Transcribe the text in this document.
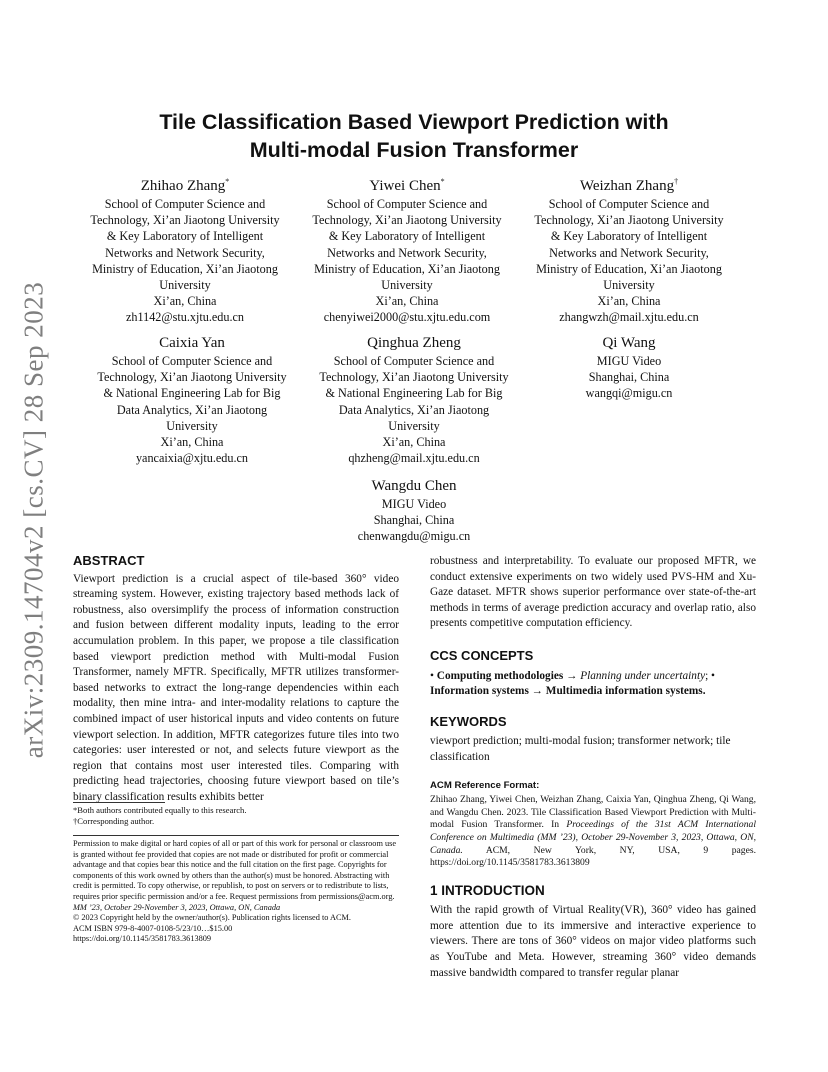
arXiv:2309.14704v2 [cs.CV] 28 Sep 2023
Tile Classification Based Viewport Prediction with
Multi-modal Fusion Transformer
Zhihao Zhang*
School of Computer Science and
Technology, Xi’an Jiaotong University
& Key Laboratory of Intelligent
Networks and Network Security,
Ministry of Education, Xi’an Jiaotong
University
Xi’an, China
zh1142@stu.xjtu.edu.cn
Yiwei Chen*
School of Computer Science and
Technology, Xi’an Jiaotong University
& Key Laboratory of Intelligent
Networks and Network Security,
Ministry of Education, Xi’an Jiaotong
University
Xi’an, China
chenyiwei2000@stu.xjtu.edu.com
Weizhan Zhang†
School of Computer Science and
Technology, Xi’an Jiaotong University
& Key Laboratory of Intelligent
Networks and Network Security,
Ministry of Education, Xi’an Jiaotong
University
Xi’an, China
zhangwzh@mail.xjtu.edu.cn
Caixia Yan
School of Computer Science and
Technology, Xi’an Jiaotong University
& National Engineering Lab for Big
Data Analytics, Xi’an Jiaotong
University
Xi’an, China
yancaixia@xjtu.edu.cn
Qinghua Zheng
School of Computer Science and
Technology, Xi’an Jiaotong University
& National Engineering Lab for Big
Data Analytics, Xi’an Jiaotong
University
Xi’an, China
qhzheng@mail.xjtu.edu.cn
Qi Wang
MIGU Video
Shanghai, China
wangqi@migu.cn
Wangdu Chen
MIGU Video
Shanghai, China
chenwangdu@migu.cn

ABSTRACT

Viewport prediction is a crucial aspect of tile-based 360° video streaming system. However, existing trajectory based methods lack of robustness, also oversimplify the process of information construction and fusion between different modality inputs, leading to the error accumulation problem. In this paper, we propose a tile classification based viewport prediction method with Multi-modal Fusion Transformer, namely MFTR. Specifically, MFTR utilizes transformer-based networks to extract the long-range dependencies within each modality, then mine intra- and inter-modality relations to capture the combined impact of user historical inputs and video contents on future viewport selection. In addition, MFTR categorizes future tiles into two categories: user interested or not, and selects future viewport as the region that contains most user interested tiles. Comparing with predicting head trajectories, choosing future viewport based on tile’s binary classification results exhibits better

*Both authors contributed equally to this research.

†Corresponding author.

Permission to make digital or hard copies of all or part of this work for personal or classroom use is granted without fee provided that copies are not made or distributed for profit or commercial advantage and that copies bear this notice and the full citation on the first page. Copyrights for components of this work owned by others than the author(s) must be honored. Abstracting with credit is permitted. To copy otherwise, or republish, to post on servers or to redistribute to lists, requires prior specific permission and/or a fee. Request permissions from permissions@acm.org.

MM ’23, October 29-November 3, 2023, Ottawa, ON, Canada

© 2023 Copyright held by the owner/author(s). Publication rights licensed to ACM.

ACM ISBN 979-8-4007-0108-5/23/10…$15.00

https://doi.org/10.1145/3581783.3613809

robustness and interpretability. To evaluate our proposed MFTR, we conduct extensive experiments on two widely used PVS-HM and Xu-Gaze dataset. MFTR shows superior performance over state-of-the-art methods in terms of average prediction accuracy and overlap ratio, also presents competitive computation efficiency.

CCS CONCEPTS

• Computing methodologies → Planning under uncertainty; •
Information systems → Multimedia information systems.

KEYWORDS

viewport prediction; multi-modal fusion; transformer network; tile classification

ACM Reference Format:

Zhihao Zhang, Yiwei Chen, Weizhan Zhang, Caixia Yan, Qinghua Zheng, Qi Wang, and Wangdu Chen. 2023. Tile Classification Based Viewport Prediction with Multi-modal Fusion Transformer. In Proceedings of the 31st ACM International Conference on Multimedia (MM ’23), October 29-November 3, 2023, Ottawa, ON, Canada. ACM, New York, NY, USA, 9 pages. https://doi.org/10.1145/3581783.3613809

1 INTRODUCTION

With the rapid growth of Virtual Reality(VR), 360° video has gained more attention due to its immersive and interactive experience to viewers. There are tons of 360° videos on major video platforms such as YouTube and Meta. However, streaming 360° video demands massive bandwidth compared to transfer regular planar
